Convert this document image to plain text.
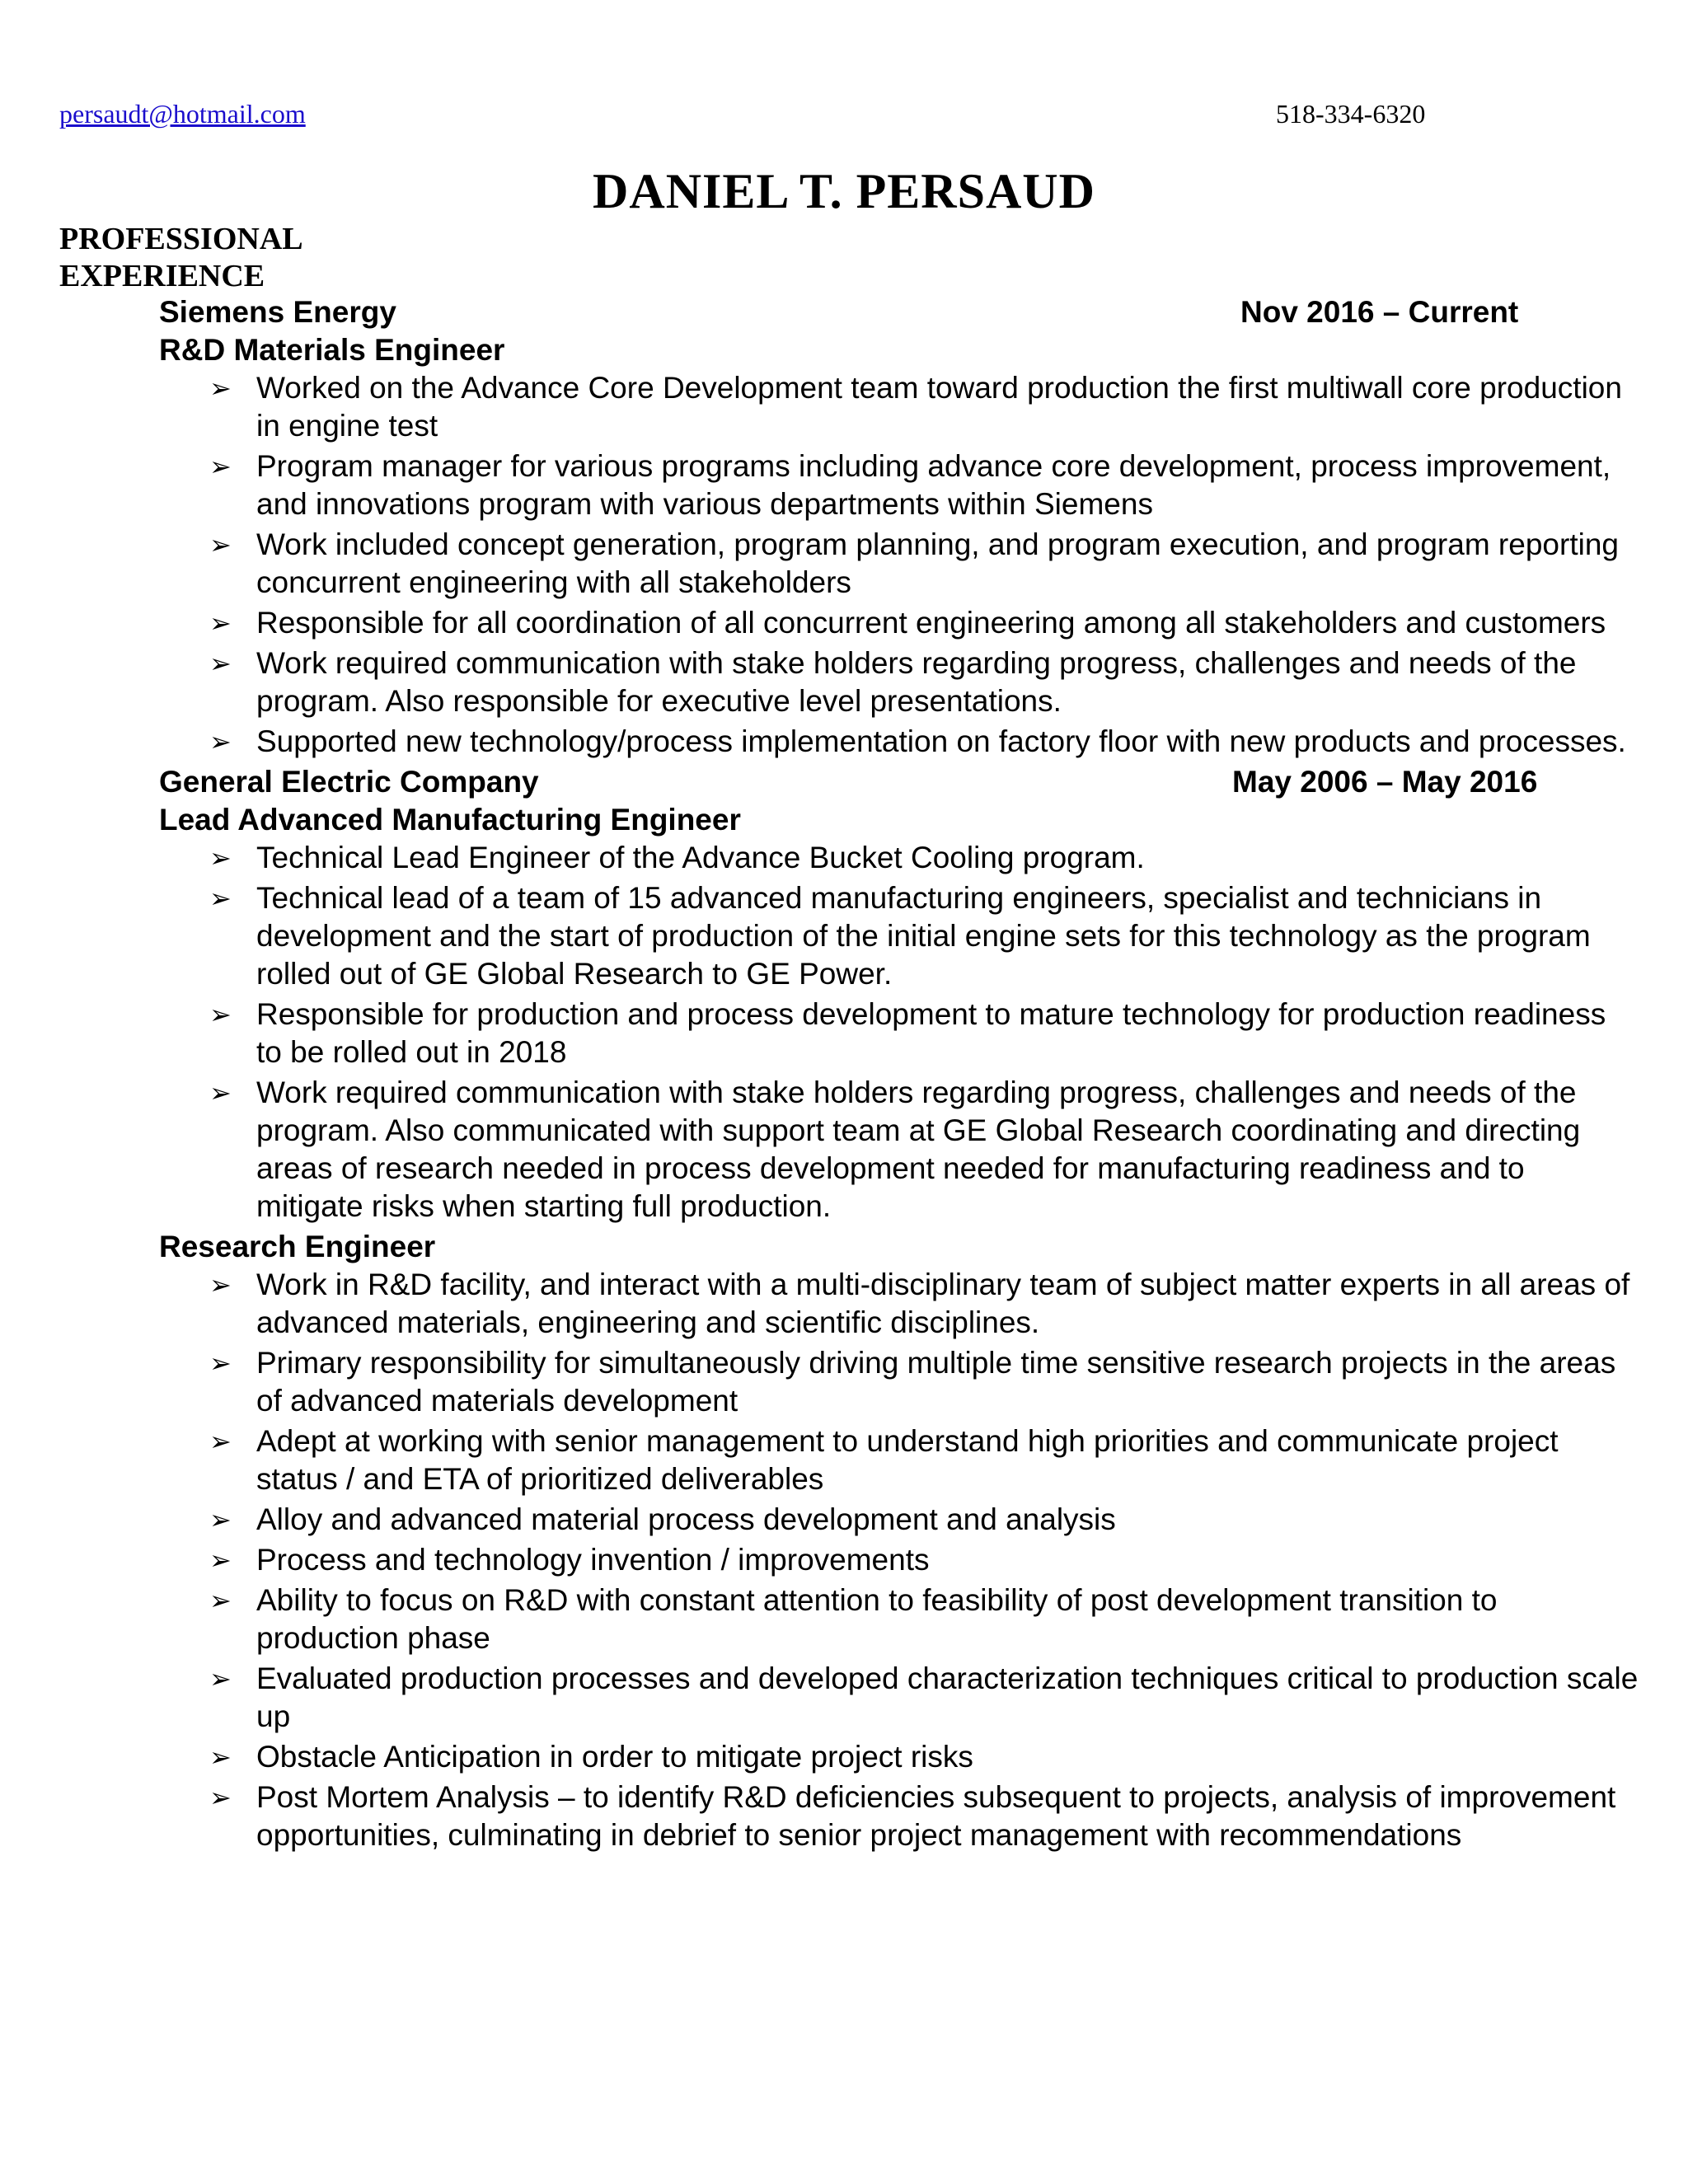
persaudt@hotmail.com	518-334-6320
DANIEL T. PERSAUD
PROFESSIONAL
EXPERIENCE
Siemens Energy	Nov 2016 – Current
R&D Materials Engineer
➢ Worked on the Advance Core Development team toward production the first multiwall core production in engine test
➢ Program manager for various programs including advance core development, process improvement, and innovations program with various departments within Siemens
➢ Work included concept generation, program planning, and program execution, and program reporting concurrent engineering with all stakeholders
➢ Responsible for all coordination of all concurrent engineering among all stakeholders and customers
➢ Work required communication with stake holders regarding progress, challenges and needs of the program. Also responsible for executive level presentations.
➢ Supported new technology/process implementation on factory floor with new products and processes.
General Electric Company	May 2006 – May 2016
Lead Advanced Manufacturing Engineer
➢ Technical Lead Engineer of the Advance Bucket Cooling program.
➢ Technical lead of a team of 15 advanced manufacturing engineers, specialist and technicians in development and the start of production of the initial engine sets for this technology as the program rolled out of GE Global Research to GE Power.
➢ Responsible for production and process development to mature technology for production readiness to be rolled out in 2018
➢ Work required communication with stake holders regarding progress, challenges and needs of the program. Also communicated with support team at GE Global Research coordinating and directing areas of research needed in process development needed for manufacturing readiness and to mitigate risks when starting full production.
Research Engineer
➢ Work in R&D facility, and interact with a multi-disciplinary team of subject matter experts in all areas of advanced materials, engineering and scientific disciplines.
➢ Primary responsibility for simultaneously driving multiple time sensitive research projects in the areas of advanced materials development
➢ Adept at working with senior management to understand high priorities and communicate project status / and ETA of prioritized deliverables
➢ Alloy and advanced material process development and analysis
➢ Process and technology invention / improvements
➢ Ability to focus on R&D with constant attention to feasibility of post development transition to production phase
➢ Evaluated production processes and developed characterization techniques critical to production scale up
➢ Obstacle Anticipation in order to mitigate project risks
➢ Post Mortem Analysis – to identify R&D deficiencies subsequent to projects, analysis of improvement opportunities, culminating in debrief to senior project management with recommendations
